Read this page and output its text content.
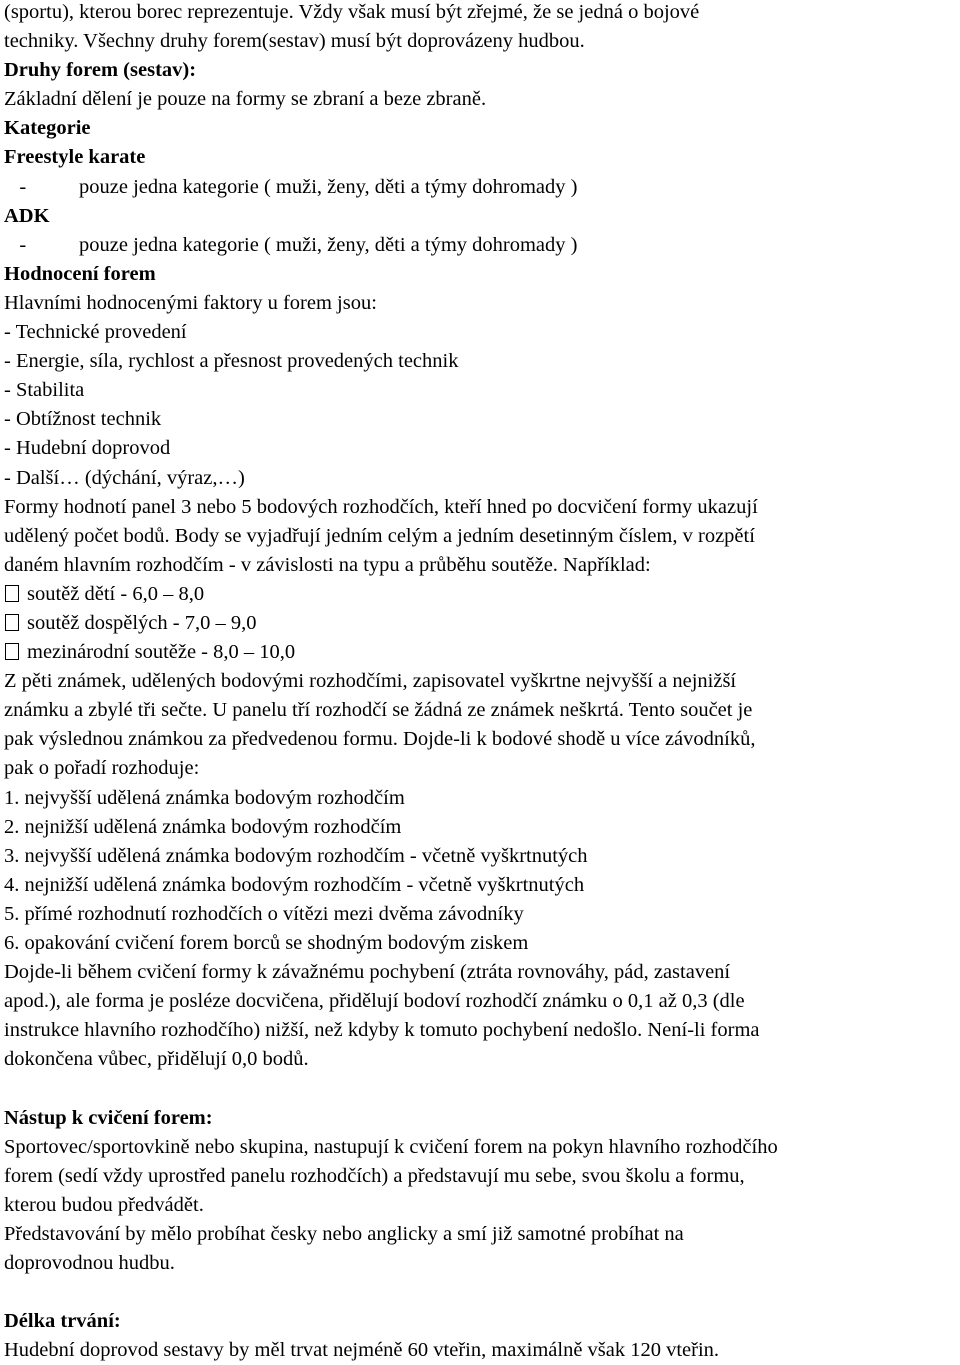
(sportu), kterou borec reprezentuje. Vždy však musí být zřejmé, že se jedná o bojové
techniky. Všechny druhy forem(sestav) musí být doprovázeny hudbou.
Druhy forem (sestav):
Základní dělení je pouze na formy se zbraní a beze zbraně.
Kategorie
Freestyle karate
-	pouze jedna kategorie ( muži, ženy, děti a týmy dohromady )
ADK
-	pouze jedna kategorie ( muži, ženy, děti a týmy dohromady )
Hodnocení forem
Hlavními hodnocenými faktory u forem jsou:
- Technické provedení
- Energie, síla, rychlost a přesnost provedených technik
- Stabilita
- Obtížnost technik
- Hudební doprovod
- Další… (dýchání, výraz,…)
Formy hodnotí panel 3 nebo 5 bodových rozhodčích, kteří hned po docvičení formy ukazují
udělený počet bodů. Body se vyjadřují jedním celým a jedním desetinným číslem, v rozpětí
daném hlavním rozhodčím - v závislosti na typu a průběhu soutěže. Například:
soutěž dětí - 6,0 – 8,0
soutěž dospělých - 7,0 – 9,0
mezinárodní soutěže - 8,0 – 10,0
Z pěti známek, udělených bodovými rozhodčími, zapisovatel vyškrtne nejvyšší a nejnižší
známku a zbylé tři sečte. U panelu tří rozhodčí se žádná ze známek neškrtá. Tento součet je
pak výslednou známkou za předvedenou formu. Dojde-li k bodové shodě u více závodníků,
pak o pořadí rozhoduje:
1. nejvyšší udělená známka bodovým rozhodčím
2. nejnižší udělená známka bodovým rozhodčím
3. nejvyšší udělená známka bodovým rozhodčím - včetně vyškrtnutých
4. nejnižší udělená známka bodovým rozhodčím - včetně vyškrtnutých
5. přímé rozhodnutí rozhodčích o vítězi mezi dvěma závodníky
6. opakování cvičení forem borců se shodným bodovým ziskem
Dojde-li během cvičení formy k závažnému pochybení (ztráta rovnováhy, pád, zastavení
apod.), ale forma je posléze docvičena, přidělují bodoví rozhodčí známku o 0,1 až 0,3 (dle
instrukce hlavního rozhodčího) nižší, než kdyby k tomuto pochybení nedošlo. Není-li forma
dokončena vůbec, přidělují 0,0 bodů.
Nástup k cvičení forem:
Sportovec/sportovkině nebo skupina, nastupují k cvičení forem na pokyn hlavního rozhodčího
forem (sedí vždy uprostřed panelu rozhodčích) a představují mu sebe, svou školu a formu,
kterou budou předvádět.
Představování by mělo probíhat česky nebo anglicky a smí již samotné probíhat na
doprovodnou hudbu.
Délka trvání:
Hudební doprovod sestavy by měl trvat nejméně 60 vteřin, maximálně však 120 vteřin.
